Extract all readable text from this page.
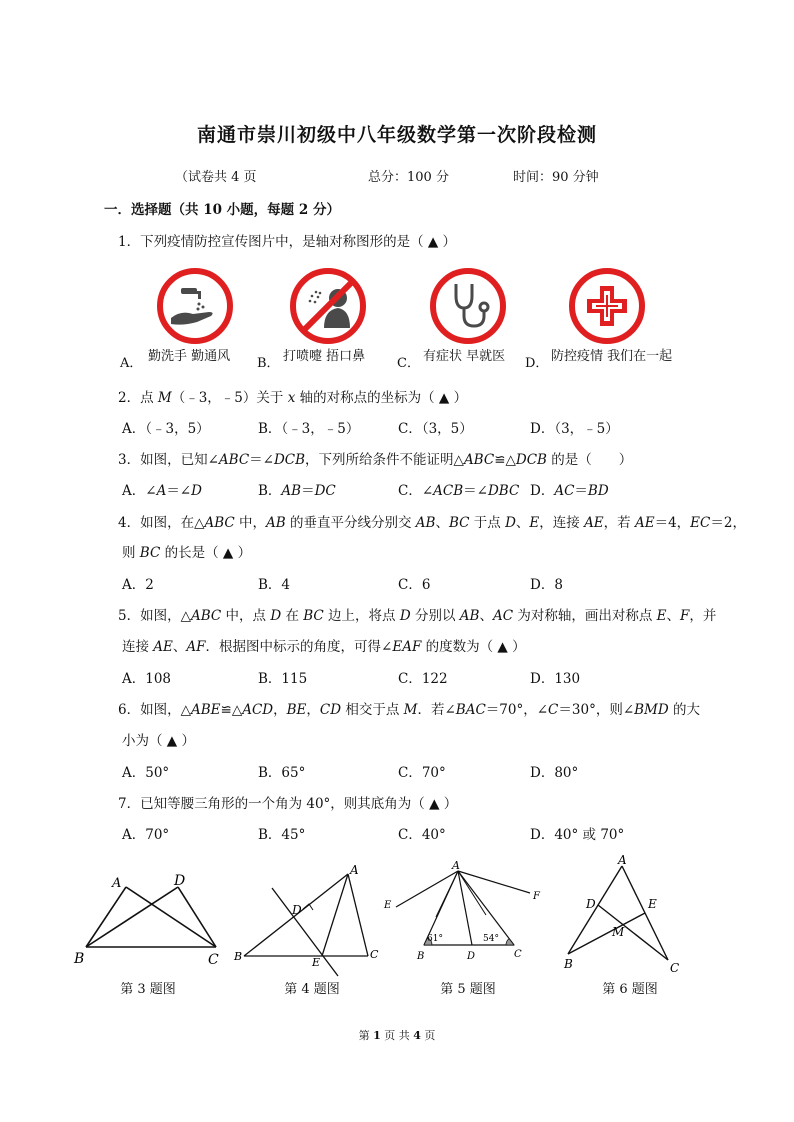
南通市崇川初级中八年级数学第一次阶段检测
（试卷共 4 页	总分：100 分	时间：90 分钟
一．选择题（共 10 小题，每题 2 分）
1．下列疫情防控宣传图片中，是轴对称图形的是（ ▲ ）
A． 勤洗手 勤通风 B． 打喷嚏 捂口鼻 C． 有症状 早就医 D． 防控疫情 我们在一起
2．点 M（﹣3，﹣5）关于 x 轴的对称点的坐标为（ ▲ ）
A．（﹣3，5）	B．（﹣3，﹣5）	C．（3，5）	D．（3，﹣5）
3．如图，已知∠ABC＝∠DCB，下列所给条件不能证明△ABC≌△DCB 的是（　　）
A．∠A＝∠D	B．AB＝DC	C．∠ACB＝∠DBC D．AC＝BD
4．如图，在△ABC 中，AB 的垂直平分线分别交 AB、BC 于点 D、E，连接 AE，若 AE＝4，EC＝2，
则 BC 的长是（ ▲ ）
A．2	B．4	C．6	D．8
5．如图，△ABC 中，点 D 在 BC 边上，将点 D 分别以 AB、AC 为对称轴，画出对称点 E、F，并
连接 AE、AF．根据图中标示的角度，可得∠EAF 的度数为（ ▲ ）
A．108	B．115	C．122	D．130
6．如图，△ABE≌△ACD，BE，CD 相交于点 M．若∠BAC＝70°，∠C＝30°，则∠BMD 的大
小为（ ▲ ）
A．50°	B．65°	C．70°	D．80°
7．已知等腰三角形的一个角为 40°，则其底角为（ ▲ ）
A．70°	B．45°	C．40°	D．40° 或 70°
A	D
B	C
第 3 题图
A
D
B	E
C
第 4 题图
A
E
F
B	D	C
61°	54°
第 5 题图
A
D	E
M
B	C
第 6 题图
第 1 页 共 4 页
